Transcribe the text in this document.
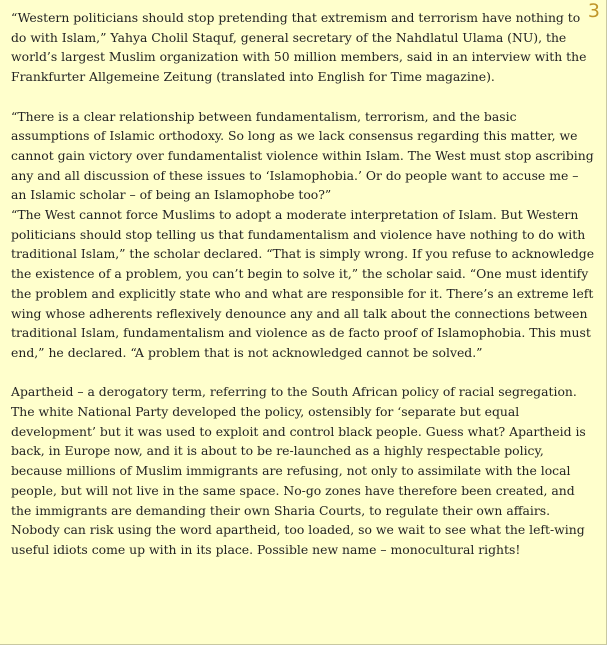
3

“Western politicians should stop pretending that extremism and terrorism have nothing to do with Islam,” Yahya Cholil Staquf, general secretary of the Nahdlatul Ulama (NU), the world’s largest Muslim organization with 50 million members, said in an interview with the Frankfurter Allgemeine Zeitung (translated into English for Time magazine).

“There is a clear relationship between fundamentalism, terrorism, and the basic assumptions of Islamic orthodoxy. So long as we lack consensus regarding this matter, we cannot gain victory over fundamentalist violence within Islam. The West must stop ascribing any and all discussion of these issues to ‘Islamophobia.’ Or do people want to accuse me – an Islamic scholar – of being an Islamophobe too?”

“The West cannot force Muslims to adopt a moderate interpretation of Islam. But Western politicians should stop telling us that fundamentalism and violence have nothing to do with traditional Islam,” the scholar declared. “That is simply wrong. If you refuse to acknowledge the existence of a problem, you can’t begin to solve it,” the scholar said. “One must identify the problem and explicitly state who and what are responsible for it. There’s an extreme left wing whose adherents reflexively denounce any and all talk about the connections between traditional Islam, fundamentalism and violence as de facto proof of Islamophobia. This must end,” he declared. “A problem that is not acknowledged cannot be solved.”

Apartheid – a derogatory term, referring to the South African policy of racial segregation. The white National Party developed the policy, ostensibly for ‘separate but equal development’ but it was used to exploit and control black people. Guess what? Apartheid is back, in Europe now, and it is about to be re-launched as a highly respectable policy, because millions of Muslim immigrants are refusing, not only to assimilate with the local people, but will not live in the same space. No-go zones have therefore been created, and the immigrants are demanding their own Sharia Courts, to regulate their own affairs. Nobody can risk using the word apartheid, too loaded, so we wait to see what the left-wing useful idiots come up with in its place. Possible new name – monocultural rights!
